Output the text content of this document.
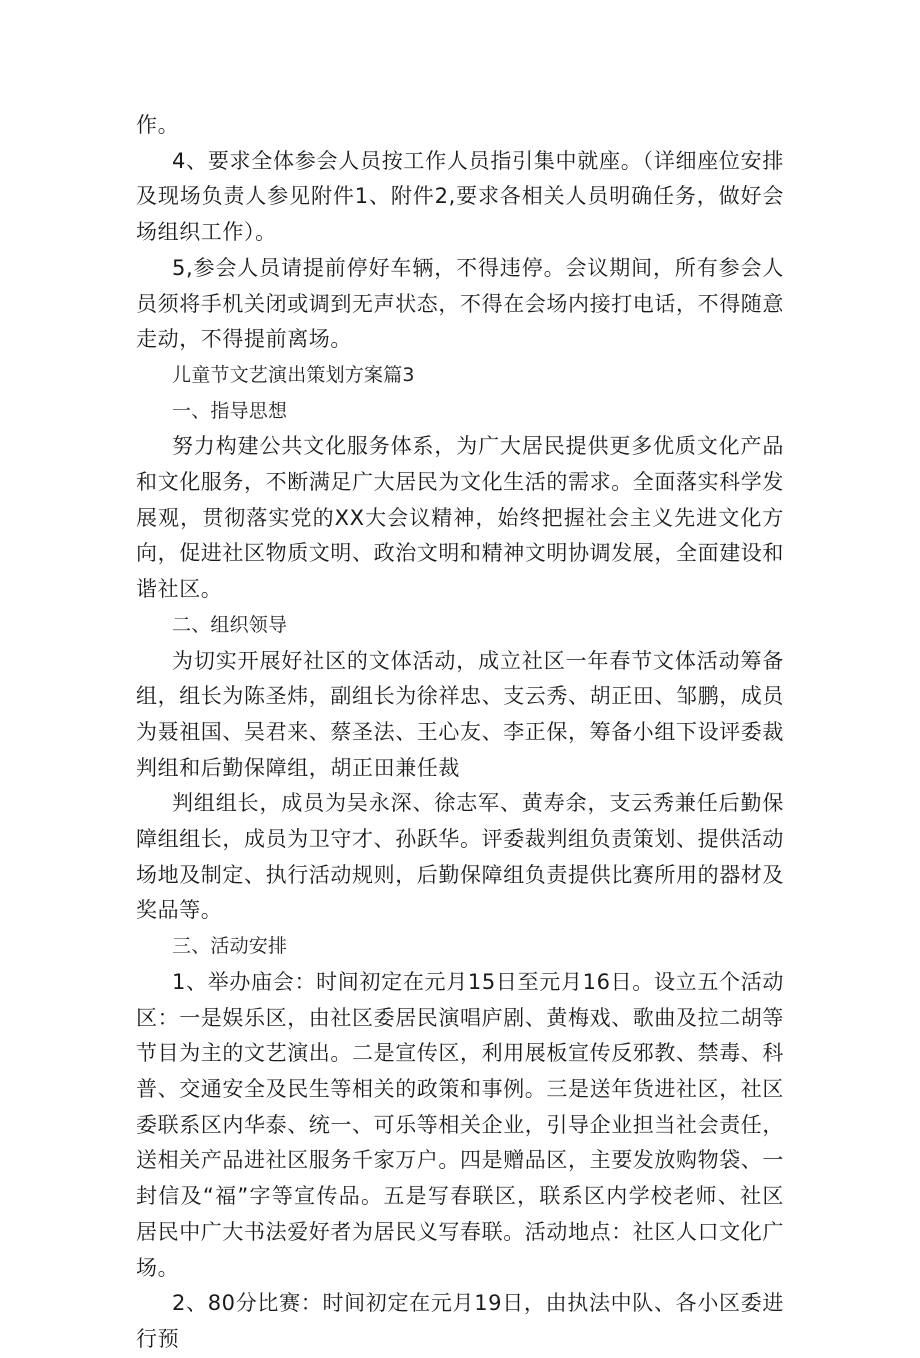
作。

4、要求全体参会人员按工作人员指引集中就座。（详细座位安排及现场负责人参见附件1、附件2,要求各相关人员明确任务，做好会场组织工作）。

5,参会人员请提前停好车辆，不得违停。会议期间，所有参会人员须将手机关闭或调到无声状态，不得在会场内接打电话，不得随意走动，不得提前离场。

儿童节文艺演出策划方案篇3

一、指导思想

努力构建公共文化服务体系，为广大居民提供更多优质文化产品和文化服务，不断满足广大居民为文化生活的需求。全面落实科学发展观，贯彻落实党的XX大会议精神，始终把握社会主义先进文化方向，促进社区物质文明、政治文明和精神文明协调发展，全面建设和谐社区。

二、组织领导

为切实开展好社区的文体活动，成立社区一年春节文体活动筹备组，组长为陈圣炜，副组长为徐祥忠、支云秀、胡正田、邹鹏，成员为聂祖国、吴君来、蔡圣法、王心友、李正保，筹备小组下设评委裁判组和后勤保障组，胡正田兼任裁

判组组长，成员为吴永深、徐志军、黄寿余，支云秀兼任后勤保障组组长，成员为卫守才、孙跃华。评委裁判组负责策划、提供活动场地及制定、执行活动规则，后勤保障组负责提供比赛所用的器材及奖品等。

三、活动安排

1、举办庙会：时间初定在元月15日至元月16日。设立五个活动区：一是娱乐区，由社区委居民演唱庐剧、黄梅戏、歌曲及拉二胡等节目为主的文艺演出。二是宣传区，利用展板宣传反邪教、禁毒、科普、交通安全及民生等相关的政策和事例。三是送年货进社区，社区委联系区内华泰、统一、可乐等相关企业，引导企业担当社会责任，送相关产品进社区服务千家万户。四是赠品区，主要发放购物袋、一封信及“福”字等宣传品。五是写春联区，联系区内学校老师、社区居民中广大书法爱好者为居民义写春联。活动地点：社区人口文化广场。

2、80分比赛：时间初定在元月19日，由执法中队、各小区委进行预
